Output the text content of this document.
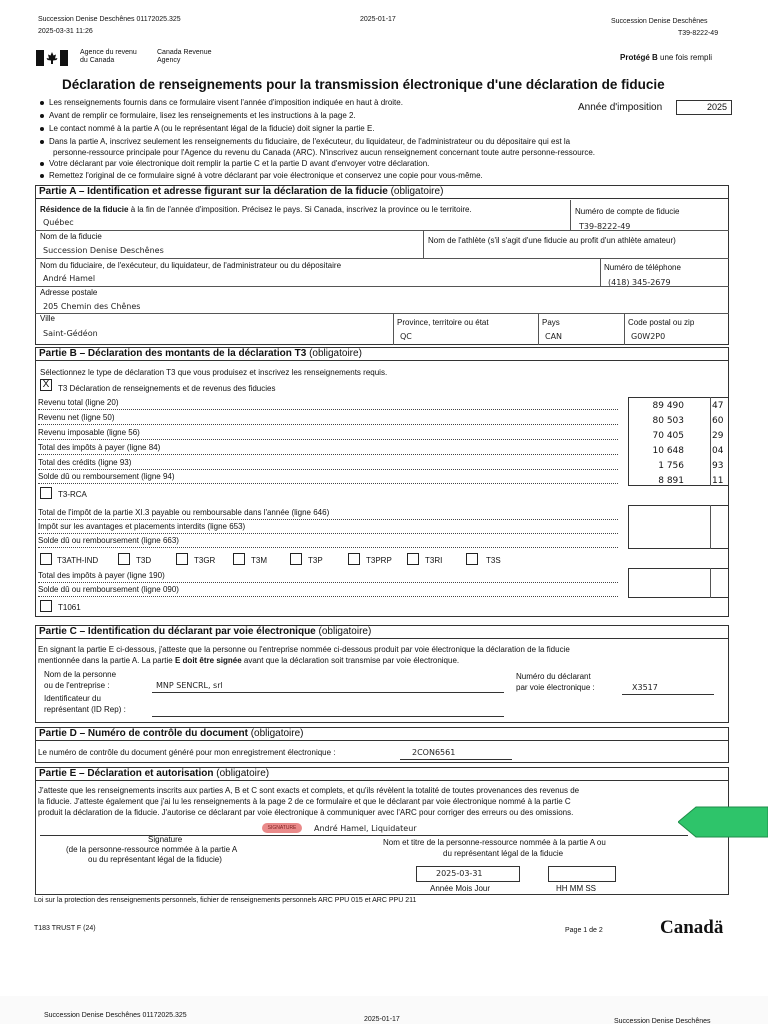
Succession Denise Deschênes 01172025.325
2025-03-31 11:26
2025-01-17	Succession Denise Deschênes
T39-8222-49
Agence du revenu
du Canada
Canada Revenue
Agency	Protégé B une fois rempli
Déclaration de renseignements pour la transmission électronique d'une déclaration de fiducie
Année d'imposition	2025
Les renseignements fournis dans ce formulaire visent l'année d'imposition indiquée en haut à droite.
Avant de remplir ce formulaire, lisez les renseignements et les instructions à la page 2.
Le contact nommé à la partie A (ou le représentant légal de la fiducie) doit signer la partie E.
Dans la partie A, inscrivez seulement les renseignements du fiduciaire, de l'exécuteur, du liquidateur, de l'administrateur ou du dépositaire qui est la
personne-ressource principale pour l'Agence du revenu du Canada (ARC). N'inscrivez aucun renseignement concernant toute autre personne-ressource.
Votre déclarant par voie électronique doit remplir la partie C et la partie D avant d'envoyer votre déclaration.
Remettez l'original de ce formulaire signé à votre déclarant par voie électronique et conservez une copie pour vous-même.
Partie A – Identification et adresse figurant sur la déclaration de la fiducie (obligatoire)
Résidence de la fiducie à la fin de l'année d'imposition. Précisez le pays. Si Canada, inscrivez la province ou le territoire.
Québec
Numéro de compte de fiducie
T39-8222-49
Nom de la fiducie
Succession Denise Deschênes
Nom de l'athlète (s'il s'agit d'une fiducie au profit d'un athlète amateur)
Nom du fiduciaire, de l'exécuteur, du liquidateur, de l'administrateur ou du dépositaire
André Hamel
Numéro de téléphone
(418) 345-2679
Adresse postale
205 Chemin des Chênes
Ville
Saint-Gédéon
Province, territoire ou état
QC
Pays
CAN
Code postal ou zip
G0W2P0
Partie B – Déclaration des montants de la déclaration T3 (obligatoire)
Sélectionnez le type de déclaration T3 que vous produisez et inscrivez les renseignements requis.
X	T3 Déclaration de renseignements et de revenus des fiducies
Revenu total (ligne 20)	89 490	47
Revenu net (ligne 50)	80 503	60
Revenu imposable (ligne 56)	70 405	29
Total des impôts à payer (ligne 84)	10 648	04
Total des crédits (ligne 93)	1 756	93
Solde dû ou remboursement (ligne 94)	8 891	11
T3-RCA
Total de l'impôt de la partie XI.3 payable ou remboursable dans l'année (ligne 646)
Impôt sur les avantages et placements interdits (ligne 653)
Solde dû ou remboursement (ligne 663)
T3ATH-IND	T3D	T3GR	T3M	T3P	T3PRP	T3RI	T3S
Total des impôts à payer (ligne 190)
Solde dû ou remboursement (ligne 090)
T1061
Partie C – Identification du déclarant par voie électronique (obligatoire)
En signant la partie E ci-dessous, j'atteste que la personne ou l'entreprise nommée ci-dessous produit par voie électronique la déclaration de la fiducie
mentionnée dans la partie A. La partie E doit être signée avant que la déclaration soit transmise par voie électronique.
Nom de la personne
ou de l'entreprise :	MNP SENCRL, srl
Numéro du déclarant
par voie électronique :	X3517
Identificateur du
représentant (ID Rep) :
Partie D – Numéro de contrôle du document (obligatoire)
Le numéro de contrôle du document généré pour mon enregistrement électronique :	2CON6561
Partie E – Déclaration et autorisation (obligatoire)
J'atteste que les renseignements inscrits aux parties A, B et C sont exacts et complets, et qu'ils révèlent la totalité de toutes provenances des revenus de
la fiducie. J'atteste également que j'ai lu les renseignements à la page 2 de ce formulaire et que le déclarant par voie électronique nommé à la partie C
produit la déclaration de la fiducie. J'autorise ce déclarant par voie électronique à communiquer avec l'ARC pour corriger des erreurs ou des omissions.
SIGNATURE	André Hamel, Liquidateur
Signature
(de la personne-ressource nommée à la partie A
ou du représentant légal de la fiducie)
Nom et titre de la personne-ressource nommée à la partie A ou
du représentant légal de la fiducie
2025-03-31
Année Mois Jour	HH MM SS
Loi sur la protection des renseignements personnels, fichier de renseignements personnels ARC PPU 015 et ARC PPU 211
T183 TRUST F (24)	Page 1 de 2	Canadä
Succession Denise Deschênes 01172025.325
2025-01-17	Succession Denise Deschênes
